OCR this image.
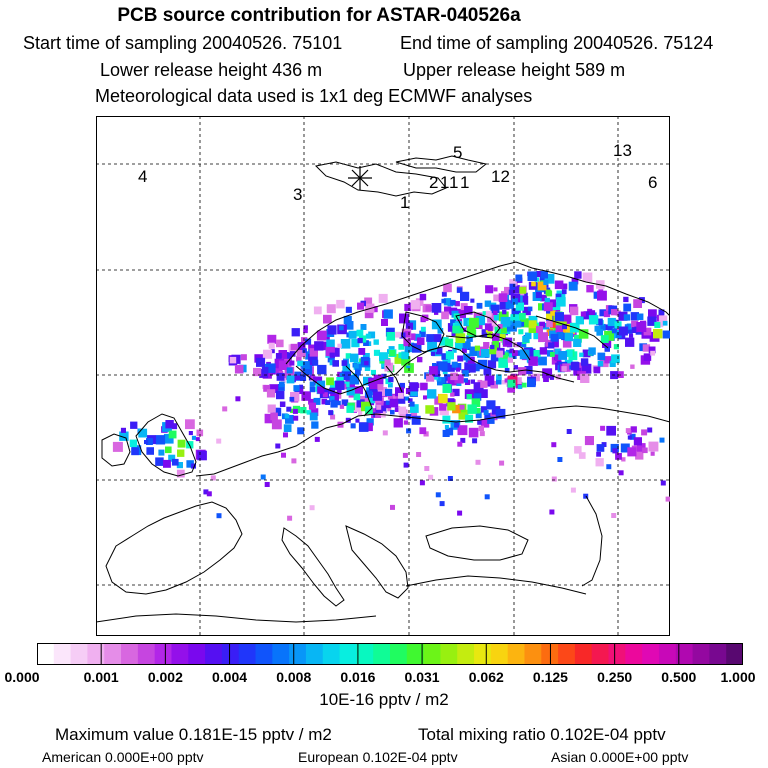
PCB source contribution for ASTAR-040526a
Start time of sampling 20040526. 75101	End time of sampling 20040526. 75124
Lower release height 436 m	Upper release height 589 m
Meteorological data used is 1x1 deg ECMWF analyses
4
3
5
2 1 1 1
1
12
13
6
0.000	0.001 0.002 0.004 0.008 0.016 0.031 0.062 0.125 0.250 0.500 1.000
10E-16 pptv / m2
Maximum value 0.181E-15 pptv / m2	Total mixing ratio 0.102E-04 pptv
American 0.000E+00 pptv	European 0.102E-04 pptv	Asian 0.000E+00 pptv
